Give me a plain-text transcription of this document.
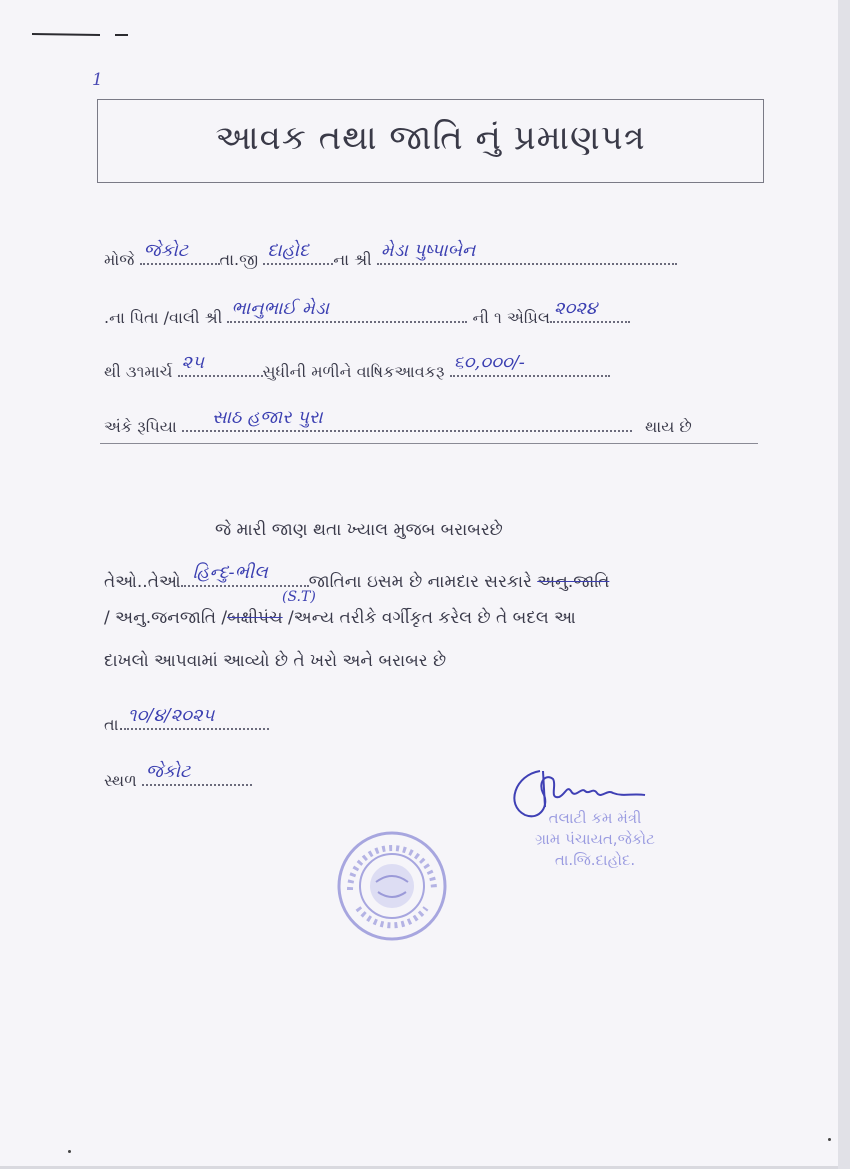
1
આવક તથા જાતિ નું પ્રમાણપત્ર
મોજે જેકોટ તા.જી દાહોદ ના શ્રી મેડા પુષ્પાબેન
.ના પિતા /વાલી શ્રી ભાનુભાઈ મેડા	ની ૧ એપ્રિલ ૨૦૨૪
થી ૩૧માર્ચ ૨૫	સુધીની મળીને વાષિકઆવકરૂ ૬૦,૦૦૦/-
અંકે રૂપિયા સાઠ હજાર પુરા	થાય છે
જે મારી જાણ થતા ખ્યાલ મુજબ બરાબરછે
તેઓ..તેઓ હિન્દુ-ભીલ જાતિના ઇસમ છે નામદાર સરકારે અનુ.જાતિ
(S.T)
/ અનુ.જનજાતિ /બક્ષીપંચ /અન્ય તરીકે વર્ગીકૃત કરેલ છે તે બદલ આ
દાખલો આપવામાં આવ્યો છે તે ખરો અને બરાબર છે
તા. ૧૦/૪/૨૦૨૫
સ્થળ જેકોટ
તલાટી કમ મંત્રી
ગ્રામ પંચાયત,જેકોટ
તા.જિ.દાહોદ.
